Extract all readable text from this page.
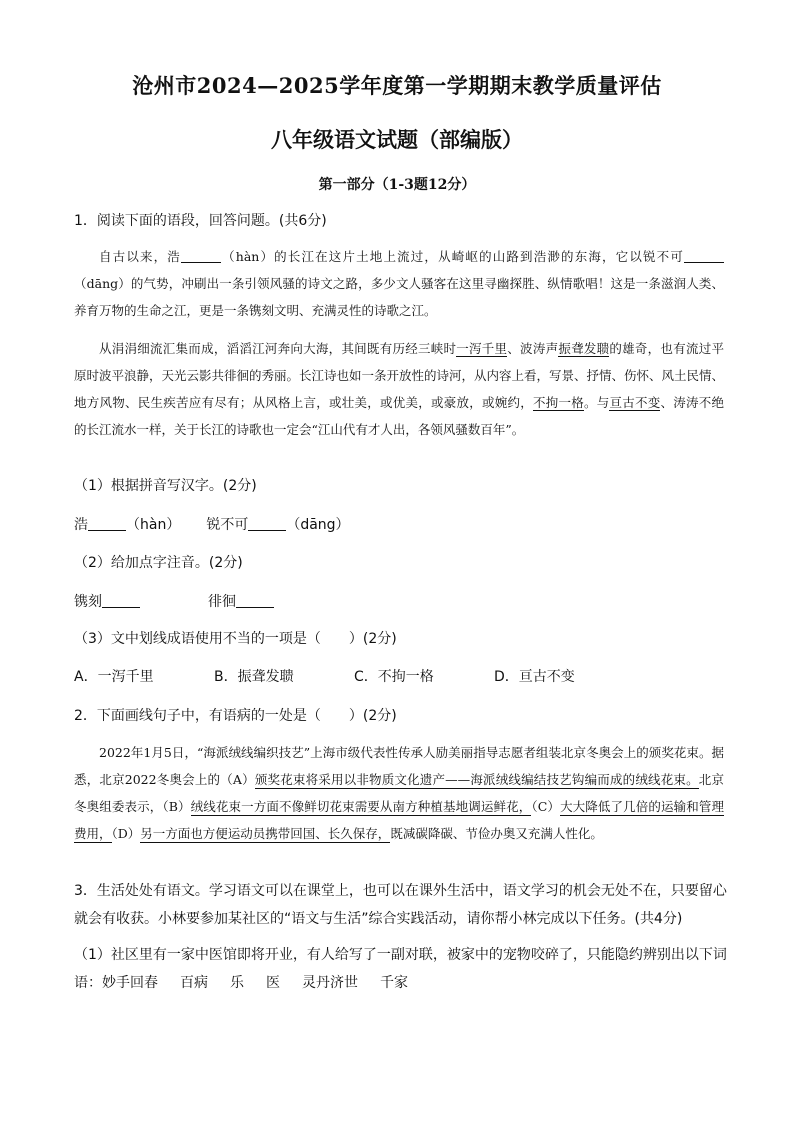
沧州市2024—2025学年度第一学期期末教学质量评估
八年级语文试题（部编版）
第一部分（1-3题12分）
1．阅读下面的语段，回答问题。(共6分)

自古以来，浩	（hàn）的长江在这片土地上流过，从崎岖的山路到浩渺的东海，它以锐不可（dāng）的气势，冲刷出一条引领风骚的诗文之路，多少文人骚客在这里寻幽探胜、纵情歌唱！这是一条滋润人类、养育万物的生命之江，更是一条镌刻文明、充满灵性的诗歌之江。

从涓涓细流汇集而成，滔滔江河奔向大海，其间既有历经三峡时一泻千里、波涛声振聋发聩的雄奇，也有流过平原时波平浪静，天光云影共徘徊的秀丽。长江诗也如一条开放性的诗河，从内容上看，写景、抒情、伤怀、风土民情、地方风物、民生疾苦应有尽有；从风格上言，或壮美，或优美，或豪放，或婉约，不拘一格。与亘古不变、涛涛不绝的长江流水一样，关于长江的诗歌也一定会“江山代有才人出，各领风骚数百年”。

（1）根据拼音写汉字。(2分)
浩	（hàn） 锐不可	（dāng）
（2）给加点字注音。(2分)
镌刻	徘徊
（3）文中划线成语使用不当的一项是（　　）(2分)
A．一泻千里	B．振聋发聩	C．不拘一格	D．亘古不变
2．下面画线句子中，有语病的一处是（　　）(2分)

2022年1月5日，“海派绒线编织技艺”上海市级代表性传承人励美丽指导志愿者组装北京冬奥会上的颁奖花束。据悉，北京2022冬奥会上的（A）颁奖花束将采用以非物质文化遗产——海派绒线编结技艺钩编而成的绒线花束。北京冬奥组委表示，（B）绒线花束一方面不像鲜切花束需要从南方种植基地调运鲜花，（C）大大降低了几倍的运输和管理费用，（D）另一方面也方便运动员携带回国、长久保存，既减碳降碳、节俭办奥又充满人性化。

3．生活处处有语文。学习语文可以在课堂上，也可以在课外生活中，语文学习的机会无处不在，只要留心就会有收获。小林要参加某社区的“语文与生活”综合实践活动，请你帮小林完成以下任务。(共4分)
（1）社区里有一家中医馆即将开业，有人给写了一副对联，被家中的宠物咬碎了，只能隐约辨别出以下词语：妙手回春 百病 乐 医 灵丹济世 千家
